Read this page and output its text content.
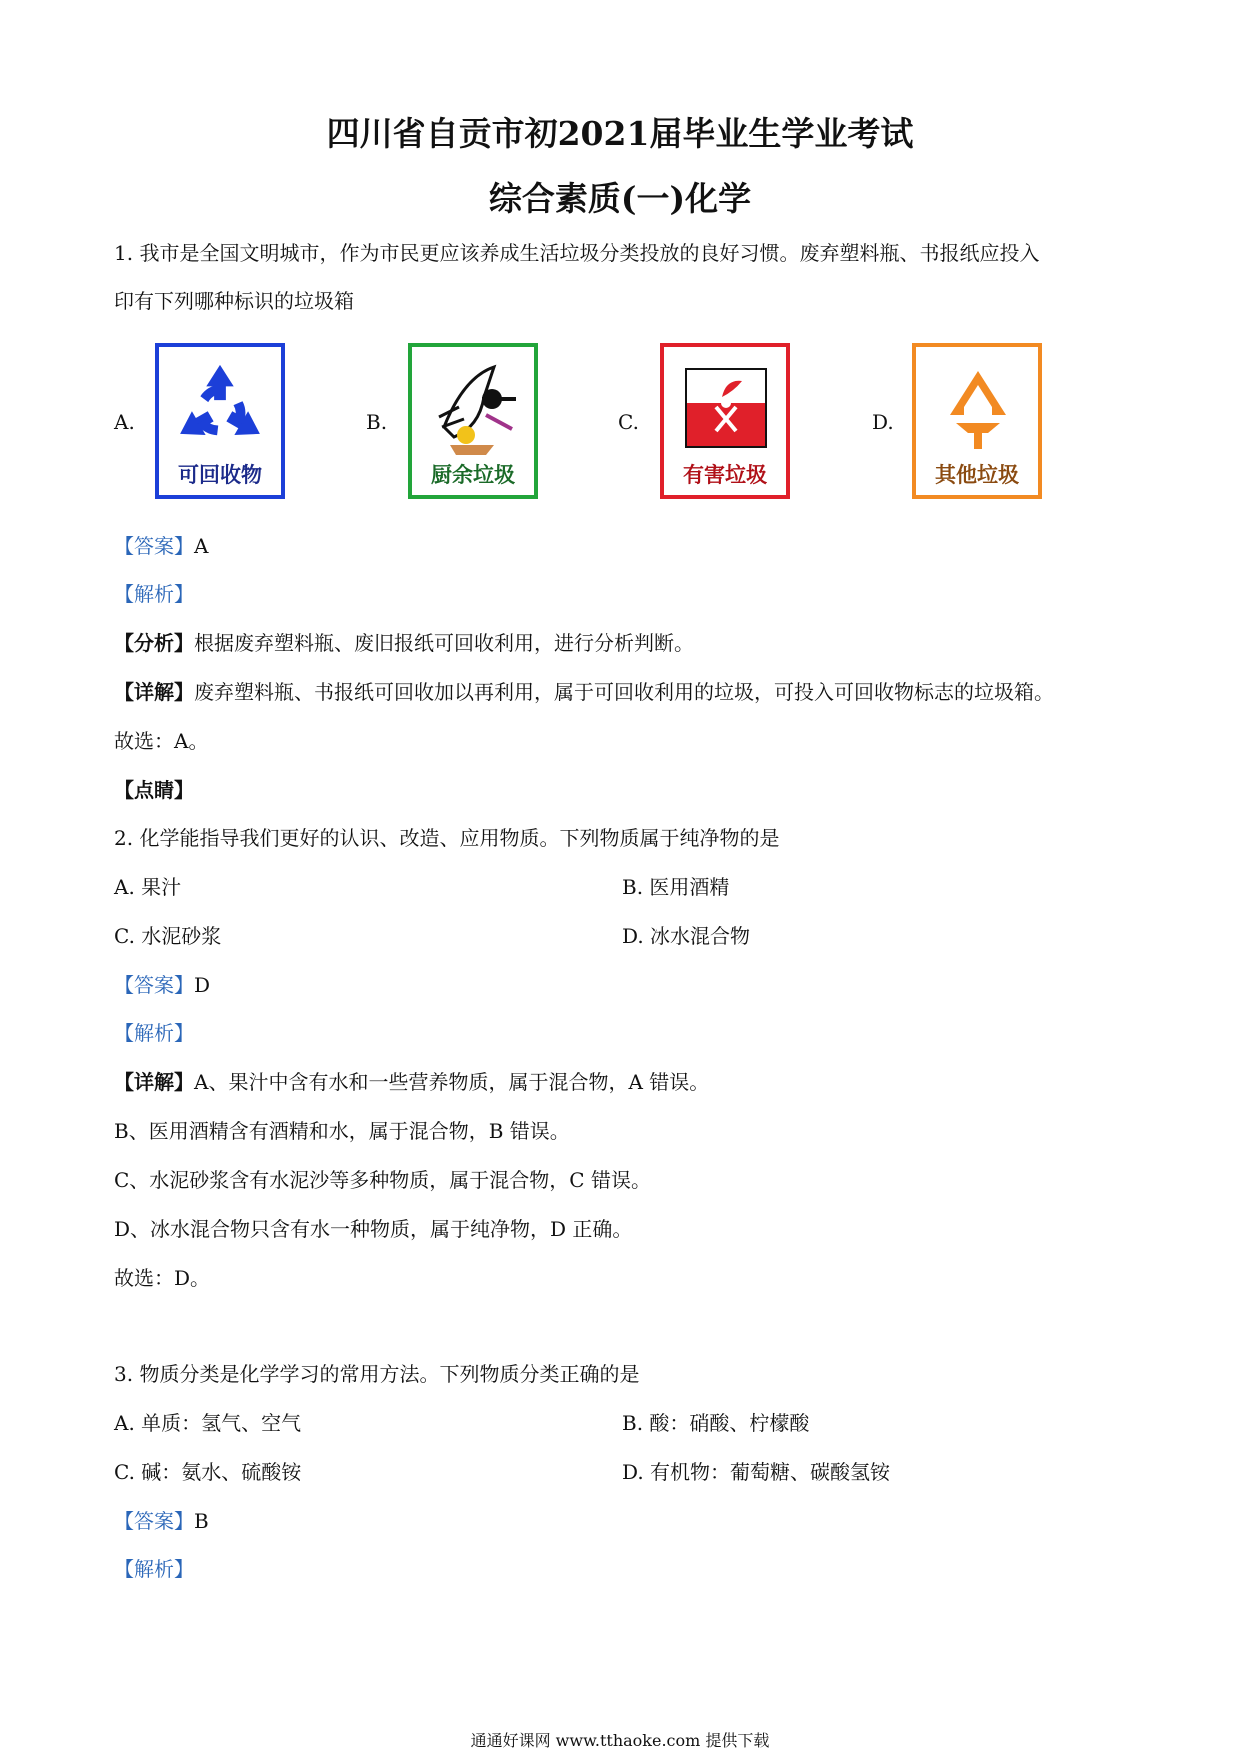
四川省自贡市初2021届毕业生学业考试
综合素质(一)化学
1. 我市是全国文明城市，作为市民更应该养成生活垃圾分类投放的良好习惯。废弃塑料瓶、书报纸应投入
印有下列哪种标识的垃圾箱
A.
可回收物
B.
厨余垃圾
C.
有害垃圾
D.
其他垃圾
【答案】A
【解析】
【分析】根据废弃塑料瓶、废旧报纸可回收利用，进行分析判断。
【详解】废弃塑料瓶、书报纸可回收加以再利用，属于可回收利用的垃圾，可投入可回收物标志的垃圾箱。
故选：A。
【点睛】
2. 化学能指导我们更好的认识、改造、应用物质。下列物质属于纯净物的是
A. 果汁	B. 医用酒精
C. 水泥砂浆	D. 冰水混合物
【答案】D
【解析】
【详解】A、果汁中含有水和一些营养物质，属于混合物，A 错误。
B、医用酒精含有酒精和水，属于混合物，B 错误。
C、水泥砂浆含有水泥沙等多种物质，属于混合物，C 错误。
D、冰水混合物只含有水一种物质，属于纯净物，D 正确。
故选：D。
3. 物质分类是化学学习的常用方法。下列物质分类正确的是
A. 单质：氢气、空气	B. 酸：硝酸、柠檬酸
C. 碱：氨水、硫酸铵	D. 有机物：葡萄糖、碳酸氢铵
【答案】B
【解析】
通通好课网 www.tthaoke.com 提供下载
